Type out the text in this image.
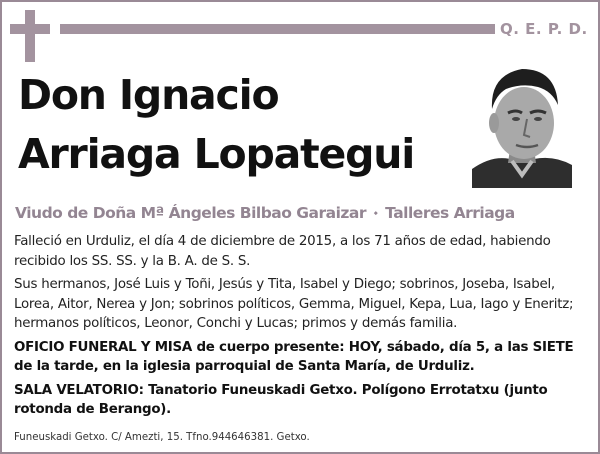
Q. E. P. D.
Don Ignacio
Arriaga Lopategui
Viudo de Doña Mª Ángeles Bilbao Garaizar ⬩ Talleres Arriaga

Falleció en Urduliz, el día 4 de diciembre de 2015, a los 71 años de edad, habiendo recibido los SS. SS. y la B. A. de S. S.

Sus hermanos, José Luis y Toñi, Jesús y Tita, Isabel y Diego; sobrinos, Joseba, Isabel, Lorea, Aitor, Nerea y Jon; sobrinos políticos, Gemma, Miguel, Kepa, Lua, Iago y Eneritz; hermanos políticos, Leonor, Conchi y Lucas; primos y demás familia.

OFICIO FUNERAL Y MISA de cuerpo presente: HOY, sábado, día 5, a las SIETE de la tarde, en la iglesia parroquial de Santa María, de Urduliz.

SALA VELATORIO: Tanatorio Funeuskadi Getxo. Polígono Errotatxu (junto rotonda de Berango).

Funeuskadi Getxo. C/ Amezti, 15. Tfno.944646381. Getxo.
